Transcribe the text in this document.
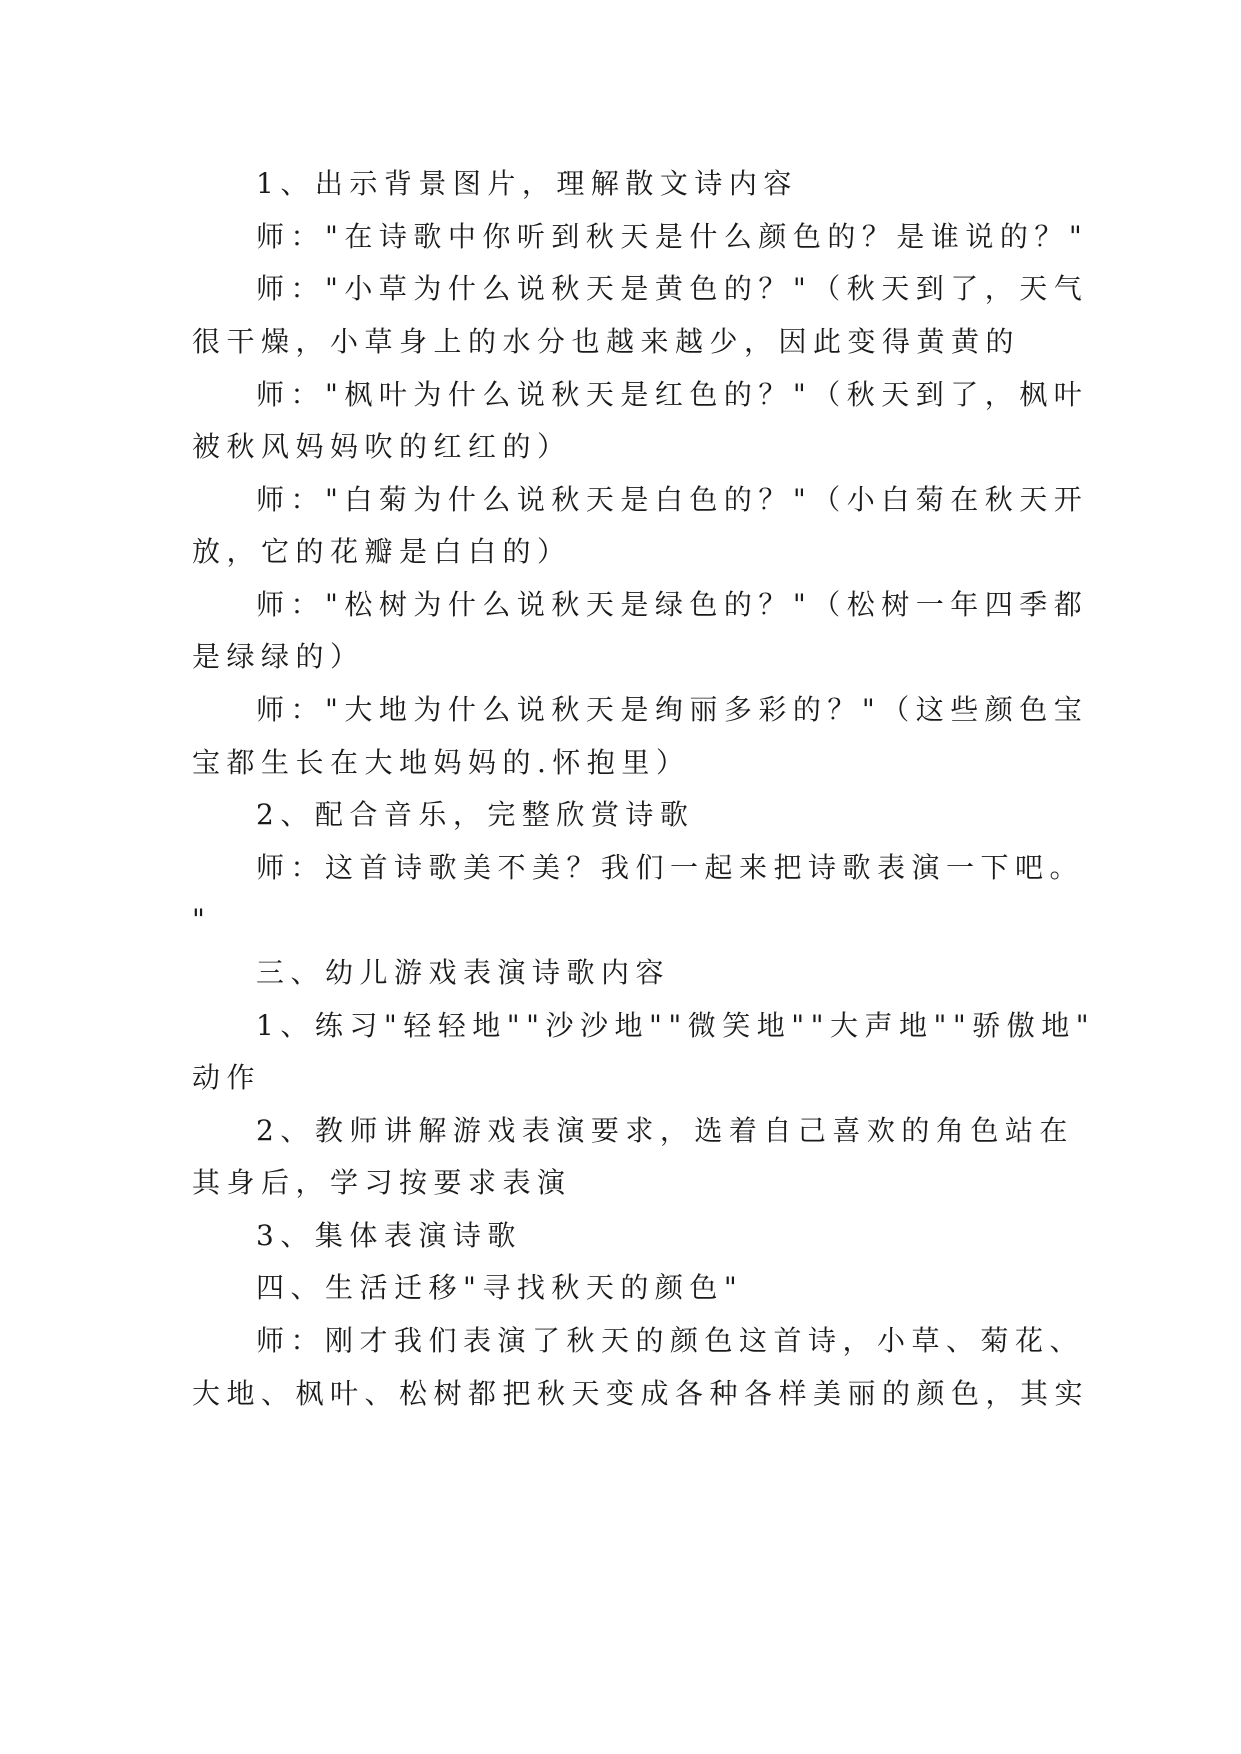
1、出示背景图片，理解散文诗内容
师："在诗歌中你听到秋天是什么颜色的？是谁说的？"
师："小草为什么说秋天是黄色的？"（秋天到了，天气
很干燥，小草身上的水分也越来越少，因此变得黄黄的
师："枫叶为什么说秋天是红色的？"（秋天到了，枫叶
被秋风妈妈吹的红红的）
师："白菊为什么说秋天是白色的？"（小白菊在秋天开
放，它的花瓣是白白的）
师："松树为什么说秋天是绿色的？"（松树一年四季都
是绿绿的）
师："大地为什么说秋天是绚丽多彩的？"（这些颜色宝
宝都生长在大地妈妈的.怀抱里）
2、配合音乐，完整欣赏诗歌
师：这首诗歌美不美？我们一起来把诗歌表演一下吧。
"
三、幼儿游戏表演诗歌内容
1、练习"轻轻地""沙沙地""微笑地""大声地""骄傲地"
动作
2、教师讲解游戏表演要求，选着自己喜欢的角色站在
其身后，学习按要求表演
3、集体表演诗歌
四、生活迁移"寻找秋天的颜色"
师：刚才我们表演了秋天的颜色这首诗，小草、菊花、
大地、枫叶、松树都把秋天变成各种各样美丽的颜色，其实
